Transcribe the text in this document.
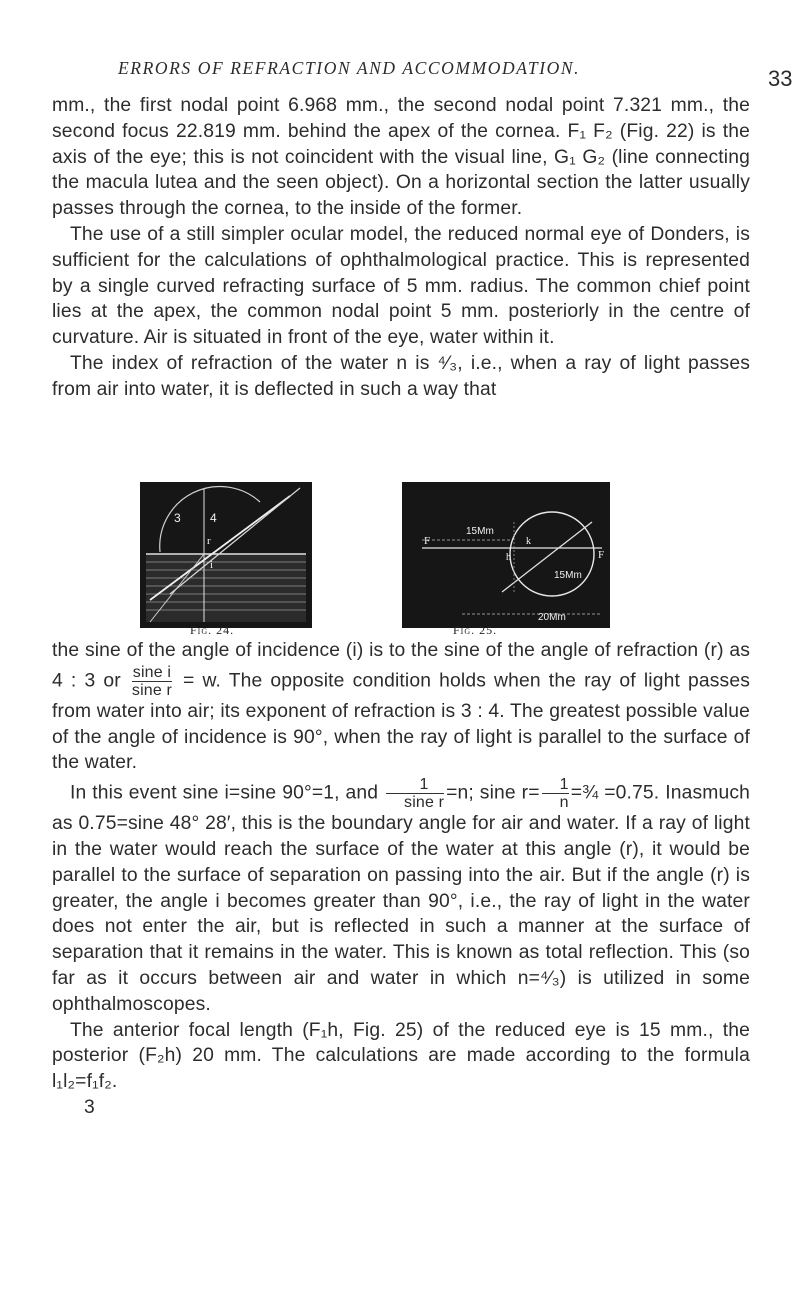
ERRORS OF REFRACTION AND ACCOMMODATION.	33

mm., the first nodal point 6.968 mm., the second nodal point 7.321 mm., the second focus 22.819 mm. behind the apex of the cornea. F₁ F₂ (Fig. 22) is the axis of the eye; this is not coincident with the visual line, G₁ G₂ (line connecting the macula lutea and the seen object). On a horizontal section the latter usually passes through the cornea, to the inside of the former.

The use of a still simpler ocular model, the reduced normal eye of Donders, is sufficient for the calculations of ophthalmological practice. This is represented by a single curved refracting surface of 5 mm. radius. The common chief point lies at the apex, the common nodal point 5 mm. posteriorly in the centre of curvature. Air is situated in front of the eye, water within it.

The index of refraction of the water n is ⁴⁄₃, i.e., when a ray of light passes from air into water, it is deflected in such a way that

3 4
r
i
15Mm
F
h
k
F
15Mm
20Mm
Fig. 24.	Fig. 25.

the sine of the angle of incidence (i) is to the sine of the angle of refraction (r) as 4 : 3 or $\frac{\text{sine i}}{\text{sine r}} = w$. The opposite condition holds when the ray of light passes from water into air; its exponent of refraction is 3 : 4. The greatest possible value of the angle of incidence is 90°, when the ray of light is parallel to the surface of the water.

In this event sine i=sine 90°=1, and $\frac{1}{\text{sine r}} =n$; sine $r= \frac{1}{n}$ =¾ =0.75. Inasmuch as 0.75=sine 48° 28′, this is the boundary angle for air and water. If a ray of light in the water would reach the surface of the water at this angle (r), it would be parallel to the surface of separation on passing into the air. But if the angle (r) is greater, the angle i becomes greater than 90°, i.e., the ray of light in the water does not enter the air, but is reflected in such a manner at the surface of separation that it remains in the water. This is known as total reflection. This (so far as it occurs between air and water in which n=⁴⁄₃) is utilized in some ophthalmoscopes.

The anterior focal length (F₁h, Fig. 25) of the reduced eye is 15 mm., the posterior (F₂h) 20 mm. The calculations are made according to the formula l₁l₂=f₁f₂.

3
